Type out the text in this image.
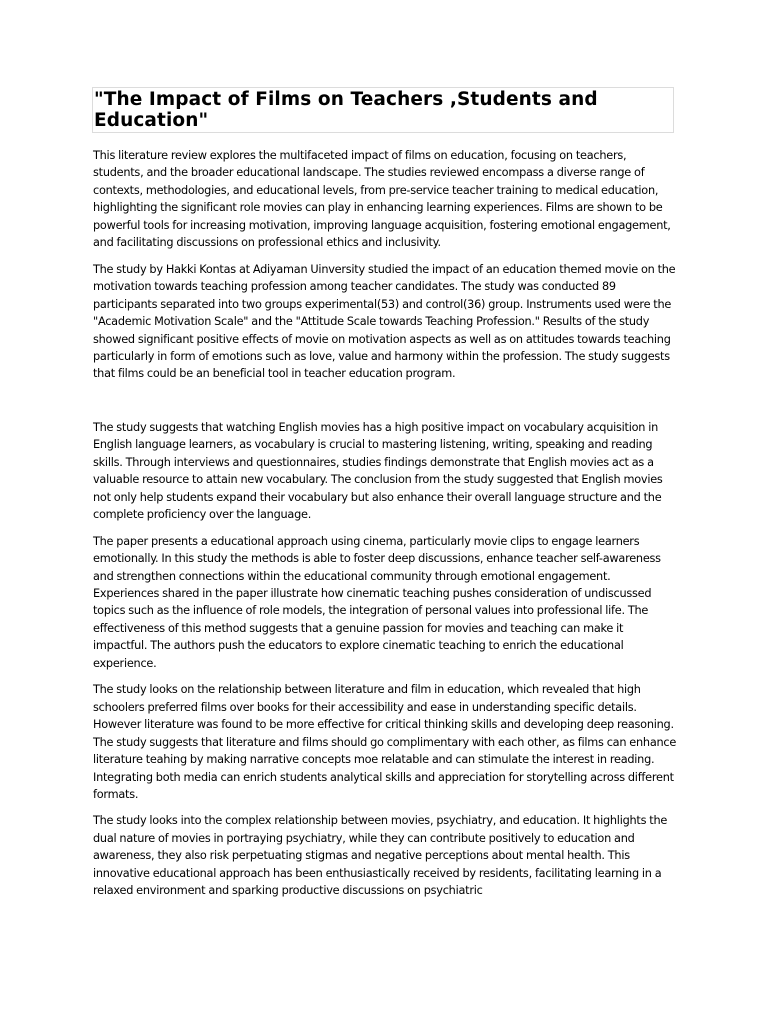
"The Impact of Films on Teachers ,Students and Education"

This literature review explores the multifaceted impact of films on education, focusing on teachers, students, and the broader educational landscape. The studies reviewed encompass a diverse range of contexts, methodologies, and educational levels, from pre-service teacher training to medical education, highlighting the significant role movies can play in enhancing learning experiences. Films are shown to be powerful tools for increasing motivation, improving language acquisition, fostering emotional engagement, and facilitating discussions on professional ethics and inclusivity.

The study by Hakki Kontas at Adiyaman Uinversity studied the impact of an education themed movie on the motivation towards teaching profession among teacher candidates. The study was conducted 89 participants separated into two groups experimental(53) and control(36) group. Instruments used were the "Academic Motivation Scale" and the "Attitude Scale towards Teaching Profession." Results of the study showed significant positive effects of movie on motivation aspects as well as on attitudes towards teaching particularly in form of emotions such as love, value and harmony within the profession. The study suggests that films could be an beneficial tool in teacher education program.

The study suggests that watching English movies has a high positive impact on vocabulary acquisition in English language learners, as vocabulary is crucial to mastering listening, writing, speaking and reading skills. Through interviews and questionnaires, studies findings demonstrate that English movies act as a valuable resource to attain new vocabulary. The conclusion from the study suggested that English movies not only help students expand their vocabulary but also enhance their overall language structure and the complete proficiency over the language.

The paper presents a educational approach using cinema, particularly movie clips to engage learners emotionally. In this study the methods is able to foster deep discussions, enhance teacher self-awareness and strengthen connections within the educational community through emotional engagement. Experiences shared in the paper illustrate how cinematic teaching pushes consideration of undiscussed topics such as the influence of role models, the integration of personal values into professional life. The effectiveness of this method suggests that a genuine passion for movies and teaching can make it impactful. The authors push the educators to explore cinematic teaching to enrich the educational experience.

The study looks on the relationship between literature and film in education, which revealed that high schoolers preferred films over books for their accessibility and ease in understanding specific details. However literature was found to be more effective for critical thinking skills and developing deep reasoning. The study suggests that literature and films should go complimentary with each other, as films can enhance literature teahing by making narrative concepts moe relatable and can stimulate the interest in reading. Integrating both media can enrich students analytical skills and appreciation for storytelling across different formats.

The study looks into the complex relationship between movies, psychiatry, and education. It highlights the dual nature of movies in portraying psychiatry, while they can contribute positively to education and awareness, they also risk perpetuating stigmas and negative perceptions about mental health. This innovative educational approach has been enthusiastically received by residents, facilitating learning in a relaxed environment and sparking productive discussions on psychiatric
